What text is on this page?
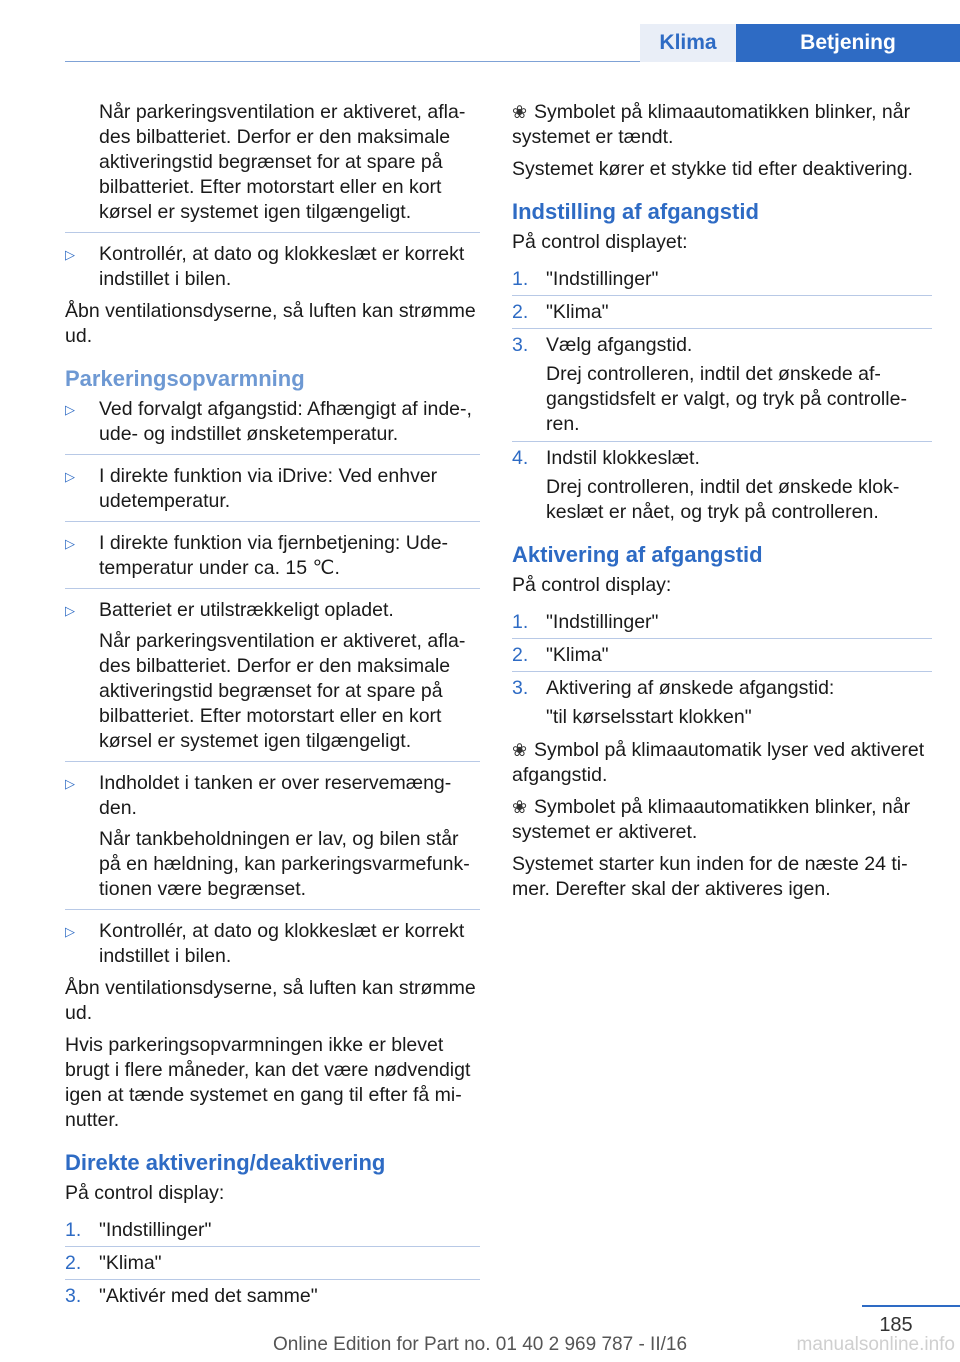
Klima	Betjening

Når parkeringsventilation er aktiveret, aflades bilbatteriet. Derfor er den maksimale aktiveringstid begrænset for at spare på bilbatteriet. Efter motorstart eller en kort kørsel er systemet igen tilgængeligt.

▷	Kontrollér, at dato og klokkeslæt er korrekt indstillet i bilen.

Åbn ventilationsdyserne, så luften kan strømme ud.

Parkeringsopvarmning
▷	Ved forvalgt afgangstid: Afhængigt af inde-, ude- og indstillet ønsketemperatur.
▷	I direkte funktion via iDrive: Ved enhver udetemperatur.
▷	I direkte funktion via fjernbetjening: Udetemperatur under ca. 15 ℃.
▷	Batteriet er utilstrækkeligt opladet.
Når parkeringsventilation er aktiveret, aflades bilbatteriet. Derfor er den maksimale aktiveringstid begrænset for at spare på bilbatteriet. Efter motorstart eller en kort kørsel er systemet igen tilgængeligt.
▷	Indholdet i tanken er over reservemængden.
Når tankbeholdningen er lav, og bilen står på en hældning, kan parkeringsvarmefunktionen være begrænset.
▷	Kontrollér, at dato og klokkeslæt er korrekt indstillet i bilen.

Åbn ventilationsdyserne, så luften kan strømme ud.

Hvis parkeringsopvarmningen ikke er blevet brugt i flere måneder, kan det være nødvendigt igen at tænde systemet en gang til efter få minutter.

Direkte aktivering/deaktivering

På control display:

1. "Indstillinger"
2. "Klima"
3. "Aktivér med det samme"

❀ Symbolet på klimaautomatikken blinker, når systemet er tændt.

Systemet kører et stykke tid efter deaktivering.

Indstilling af afgangstid

På control displayet:

1. "Indstillinger"
2. "Klima"
3. Vælg afgangstid.
Drej controlleren, indtil det ønskede afgangstidsfelt er valgt, og tryk på controlleren.
4. Indstil klokkeslæt.
Drej controlleren, indtil det ønskede klokkeslæt er nået, og tryk på controlleren.
Aktivering af afgangstid

På control display:

1. "Indstillinger"
2. "Klima"
3. Aktivering af ønskede afgangstid:
"til kørselsstart klokken"

❀ Symbol på klimaautomatik lyser ved aktiveret afgangstid.

❀ Symbolet på klimaautomatikken blinker, når systemet er aktiveret.

Systemet starter kun inden for de næste 24 timer. Derefter skal der aktiveres igen.

185
Online Edition for Part no. 01 40 2 969 787 - II/16	manualsonline.info
